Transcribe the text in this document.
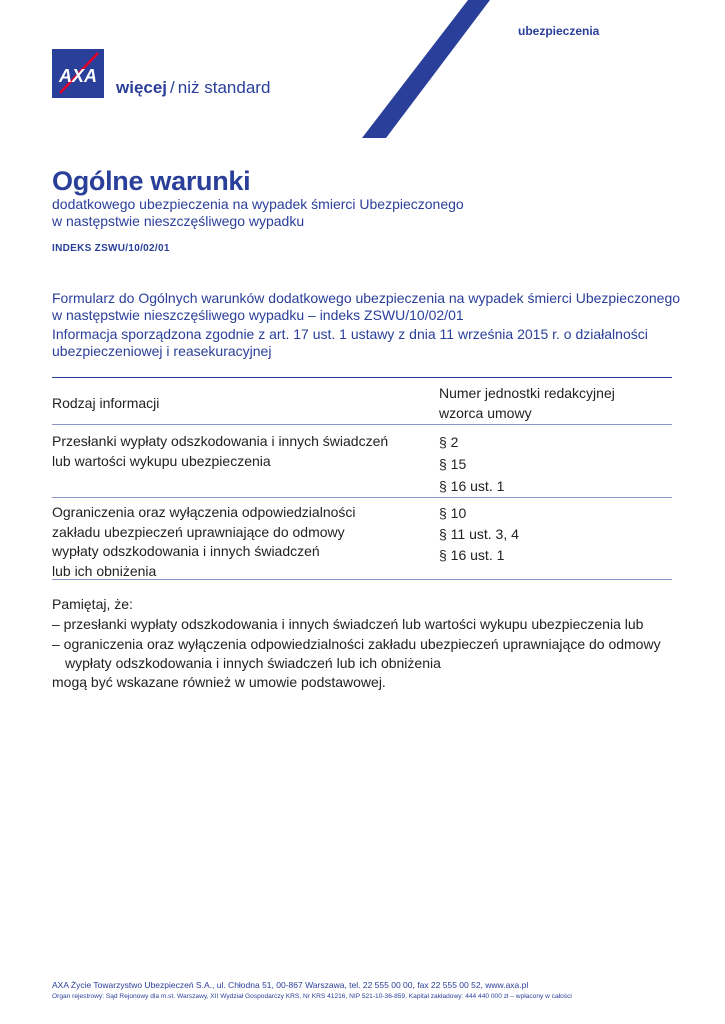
ubezpieczenia
AXA
więcej / niż standard
Ogólne warunki
dodatkowego ubezpieczenia na wypadek śmierci Ubezpieczonego
w następstwie nieszczęśliwego wypadku
INDEKS ZSWU/10/02/01

Formularz do Ogólnych warunków dodatkowego ubezpieczenia na wypadek śmierci Ubezpieczonego
w następstwie nieszczęśliwego wypadku – indeks ZSWU/10/02/01

Informacja sporządzona zgodnie z art. 17 ust. 1 ustawy z dnia 11 września 2015 r. o działalności
ubezpieczeniowej i reasekuracyjnej

Rodzaj informacji
Numer jednostki redakcyjnej
wzorca umowy
Przesłanki wypłaty odszkodowania i innych świadczeń
lub wartości wykupu ubezpieczenia
§ 2
§ 15
§ 16 ust. 1
Ograniczenia oraz wyłączenia odpowiedzialności
zakładu ubezpieczeń uprawniające do odmowy
wypłaty odszkodowania i innych świadczeń
lub ich obniżenia
§ 10
§ 11 ust. 3, 4
§ 16 ust. 1

Pamiętaj, że:

– przesłanki wypłaty odszkodowania i innych świadczeń lub wartości wykupu ubezpieczenia lub

– ograniczenia oraz wyłączenia odpowiedzialności zakładu ubezpieczeń uprawniające do odmowy
wypłaty odszkodowania i innych świadczeń lub ich obniżenia

mogą być wskazane również w umowie podstawowej.

AXA Życie Towarzystwo Ubezpieczeń S.A., ul. Chłodna 51, 00-867 Warszawa, tel. 22 555 00 00, fax 22 555 00 52, www.axa.pl
Organ rejestrowy: Sąd Rejonowy dla m.st. Warszawy, XII Wydział Gospodarczy KRS, Nr KRS 41216, NIP 521-10-36-859, Kapitał zakładowy: 444 440 000 zł – wpłacony w całości
